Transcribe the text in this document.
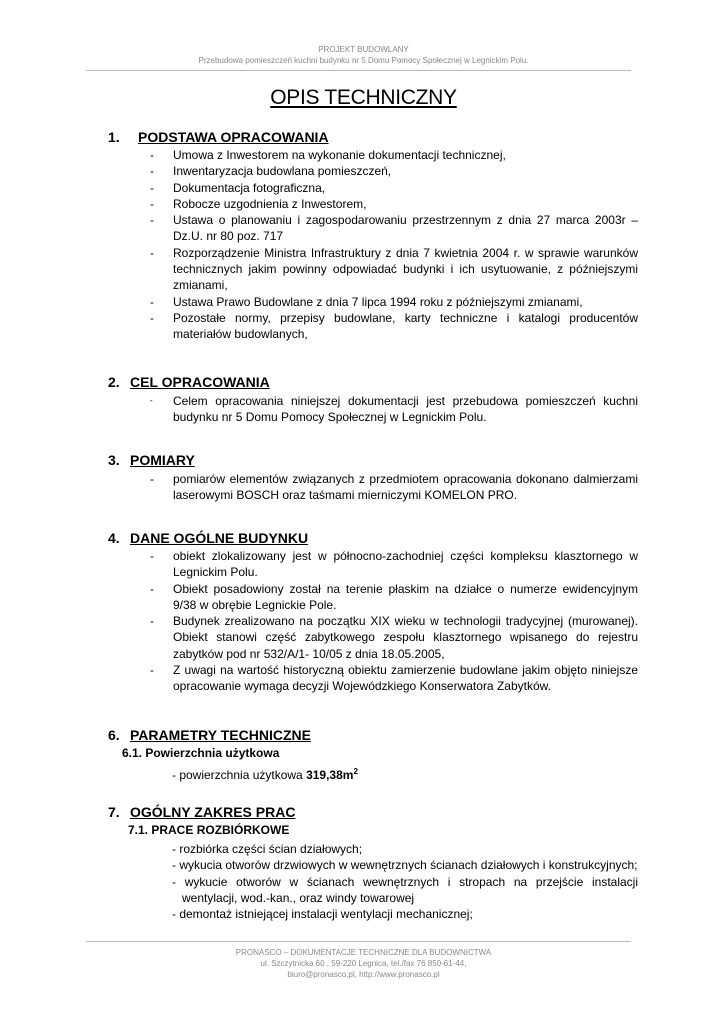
PROJEKT BUDOWLANY
Przebudowa pomieszczeń kuchni budynku nr 5 Domu Pomocy Społecznej w Legnickim Polu.
OPIS TECHNICZNY
1. PODSTAWA OPRACOWANIA
- Umowa z Inwestorem na wykonanie dokumentacji technicznej,
- Inwentaryzacja budowlana pomieszczeń,
- Dokumentacja fotograficzna,
- Robocze uzgodnienia z Inwestorem,
- Ustawa o planowaniu i zagospodarowaniu przestrzennym z dnia 27 marca 2003r – Dz.U. nr 80 poz. 717
- Rozporządzenie Ministra Infrastruktury z dnia 7 kwietnia 2004 r. w sprawie warunków technicznych jakim powinny odpowiadać budynki i ich usytuowanie, z późniejszymi zmianami,
- Ustawa Prawo Budowlane z dnia 7 lipca 1994 roku z późniejszymi zmianami,
- Pozostałe normy, przepisy budowlane, karty techniczne i katalogi producentów materiałów budowlanych,
2. CEL OPRACOWANIA
- Celem opracowania niniejszej dokumentacji jest przebudowa pomieszczeń kuchni budynku nr 5 Domu Pomocy Społecznej w Legnickim Polu.
3. POMIARY
- pomiarów elementów związanych z przedmiotem opracowania dokonano dalmierzami laserowymi BOSCH oraz taśmami mierniczymi KOMELON PRO.
4. DANE OGÓLNE BUDYNKU
- obiekt zlokalizowany jest w północno-zachodniej części kompleksu klasztornego w Legnickim Polu.
- Obiekt posadowiony został na terenie płaskim na działce o numerze ewidencyjnym 9/38 w obrębie Legnickie Pole.
- Budynek zrealizowano na początku XIX wieku w technologii tradycyjnej (murowanej). Obiekt stanowi część zabytkowego zespołu klasztornego wpisanego do rejestru zabytków pod nr 532/A/1- 10/05 z dnia 18.05.2005,
- Z uwagi na wartość historyczną obiektu zamierzenie budowlane jakim objęto niniejsze opracowanie wymaga decyzji Wojewódzkiego Konserwatora Zabytków.
6. PARAMETRY TECHNICZNE
6.1. Powierzchnia użytkowa
- powierzchnia użytkowa $319,38m^2$
7. OGÓLNY ZAKRES PRAC
7.1. PRACE ROZBIÓRKOWE
- rozbiórka części ścian działowych;
- wykucia otworów drzwiowych w wewnętrznych ścianach działowych i konstrukcyjnych;
- wykucie otworów w ścianach wewnętrznych i stropach na przejście instalacji wentylacji, wod.-kan., oraz windy towarowej
- demontaż istniejącej instalacji wentylacji mechanicznej;
PRONASCO – DOKUMENTACJE TECHNICZNE DLA BUDOWNICTWA
ul. Szczytnicka 60 , 59-220 Legnica, tel./fax 76 850-61-44,
biuro@pronasco.pl, http://www.pronasco.pl
